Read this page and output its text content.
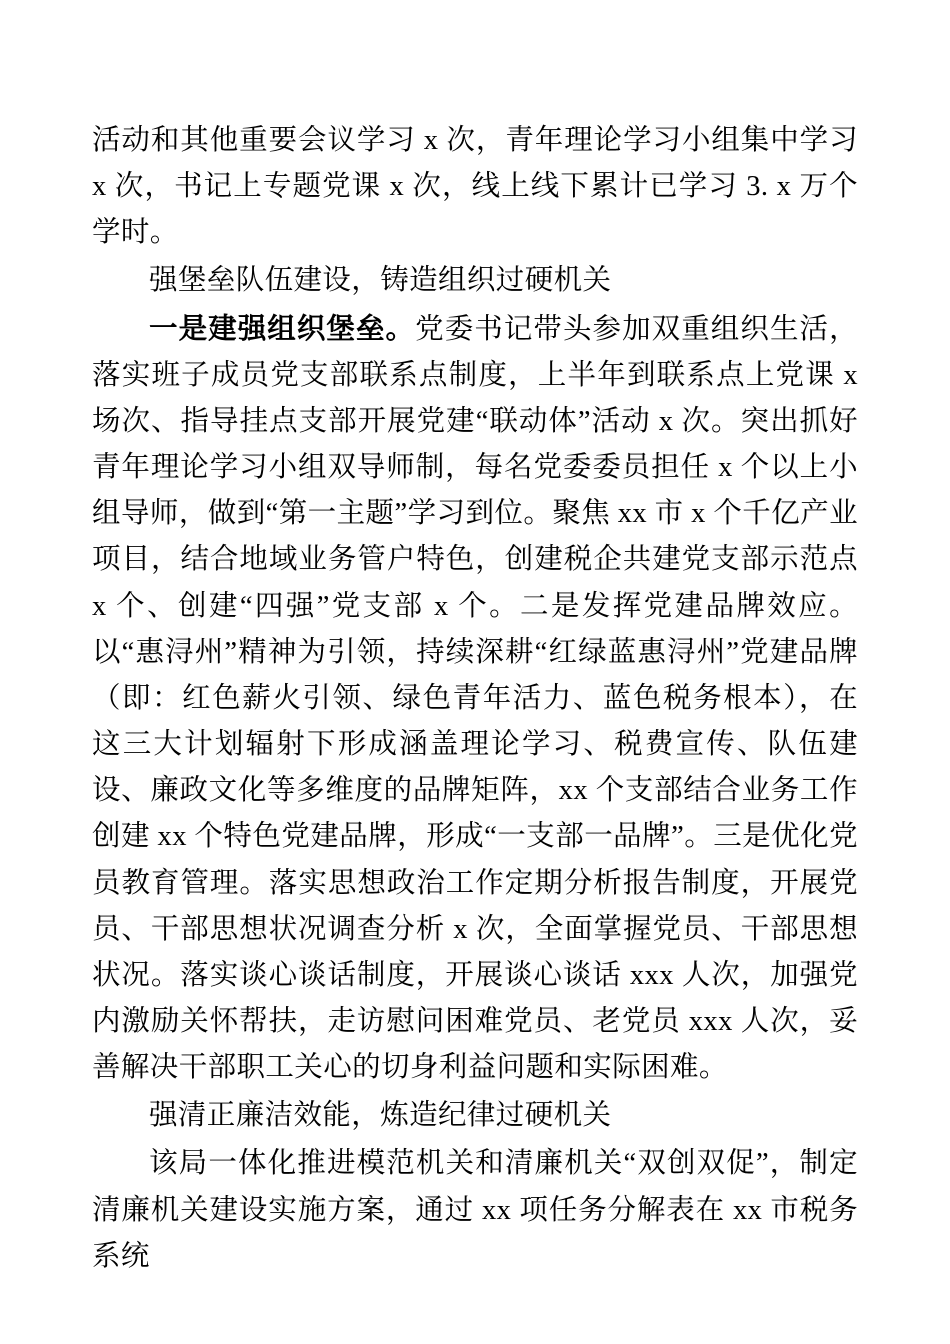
活动和其他重要会议学习 x 次，青年理论学习小组集中学习 x 次，书记上专题党课 x 次，线上线下累计已学习 3. x 万个学时。

强堡垒队伍建设，铸造组织过硬机关

一是建强组织堡垒。党委书记带头参加双重组织生活，落实班子成员党支部联系点制度，上半年到联系点上党课 x 场次、指导挂点支部开展党建“联动体”活动 x 次。突出抓好青年理论学习小组双导师制，每名党委委员担任 x 个以上小组导师，做到“第一主题”学习到位。聚焦 xx 市 x 个千亿产业项目，结合地域业务管户特色，创建税企共建党支部示范点 x 个、创建“四强”党支部 x 个。二是发挥党建品牌效应。以“惠浔州”精神为引领，持续深耕“红绿蓝惠浔州”党建品牌（即：红色薪火引领、绿色青年活力、蓝色税务根本），在这三大计划辐射下形成涵盖理论学习、税费宣传、队伍建设、廉政文化等多维度的品牌矩阵，xx 个支部结合业务工作创建 xx 个特色党建品牌，形成“一支部一品牌”。三是优化党员教育管理。落实思想政治工作定期分析报告制度，开展党员、干部思想状况调查分析 x 次，全面掌握党员、干部思想状况。落实谈心谈话制度，开展谈心谈话 xxx 人次，加强党内激励关怀帮扶，走访慰问困难党员、老党员 xxx 人次，妥善解决干部职工关心的切身利益问题和实际困难。

强清正廉洁效能，炼造纪律过硬机关

该局一体化推进模范机关和清廉机关“双创双促”，制定清廉机关建设实施方案，通过 xx 项任务分解表在 xx 市税务系统
